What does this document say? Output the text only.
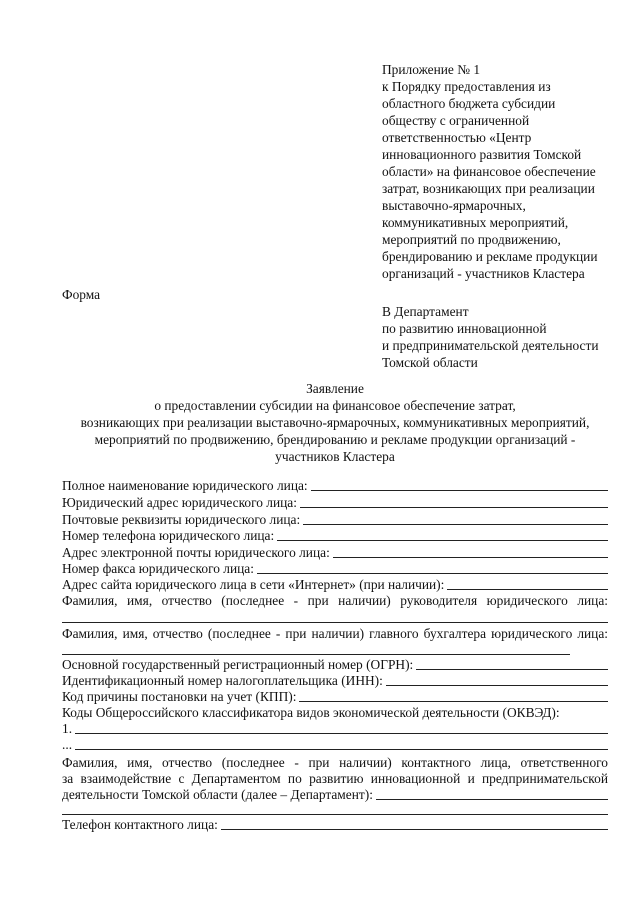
Приложение № 1
к Порядку предоставления из
областного бюджета субсидии
обществу с ограниченной
ответственностью «Центр
инновационного развития Томской
области» на финансовое обеспечение
затрат, возникающих при реализации
выставочно-ярмарочных,
коммуникативных мероприятий,
мероприятий по продвижению,
брендированию и рекламе продукции
организаций - участников Кластера
Форма
В Департамент
по развитию инновационной
и предпринимательской деятельности
Томской области
Заявление
о предоставлении субсидии на финансовое обеспечение затрат,
возникающих при реализации выставочно-ярмарочных, коммуникативных мероприятий,
мероприятий по продвижению, брендированию и рекламе продукции организаций -
участников Кластера
Полное наименование юридического лица:
Юридический адрес юридического лица:
Почтовые реквизиты юридического лица:
Номер телефона юридического лица:
Адрес электронной почты юридического лица:
Номер факса юридического лица:
Адрес сайта юридического лица в сети «Интернет» (при наличии):
Фамилия, имя, отчество (последнее - при наличии) руководителя юридического лица:
Фамилия, имя, отчество (последнее - при наличии) главного бухгалтера юридического лица:
Основной государственный регистрационный номер (ОГРН):
Идентификационный номер налогоплательщика (ИНН):
Код причины постановки на учет (КПП):
Коды Общероссийского классификатора видов экономической деятельности (ОКВЭД):
1.
...
Фамилия, имя, отчество (последнее - при наличии) контактного лица, ответственного
за взаимодействие с Департаментом по развитию инновационной и предпринимательской
деятельности Томской области (далее – Департамент):
Телефон контактного лица:
